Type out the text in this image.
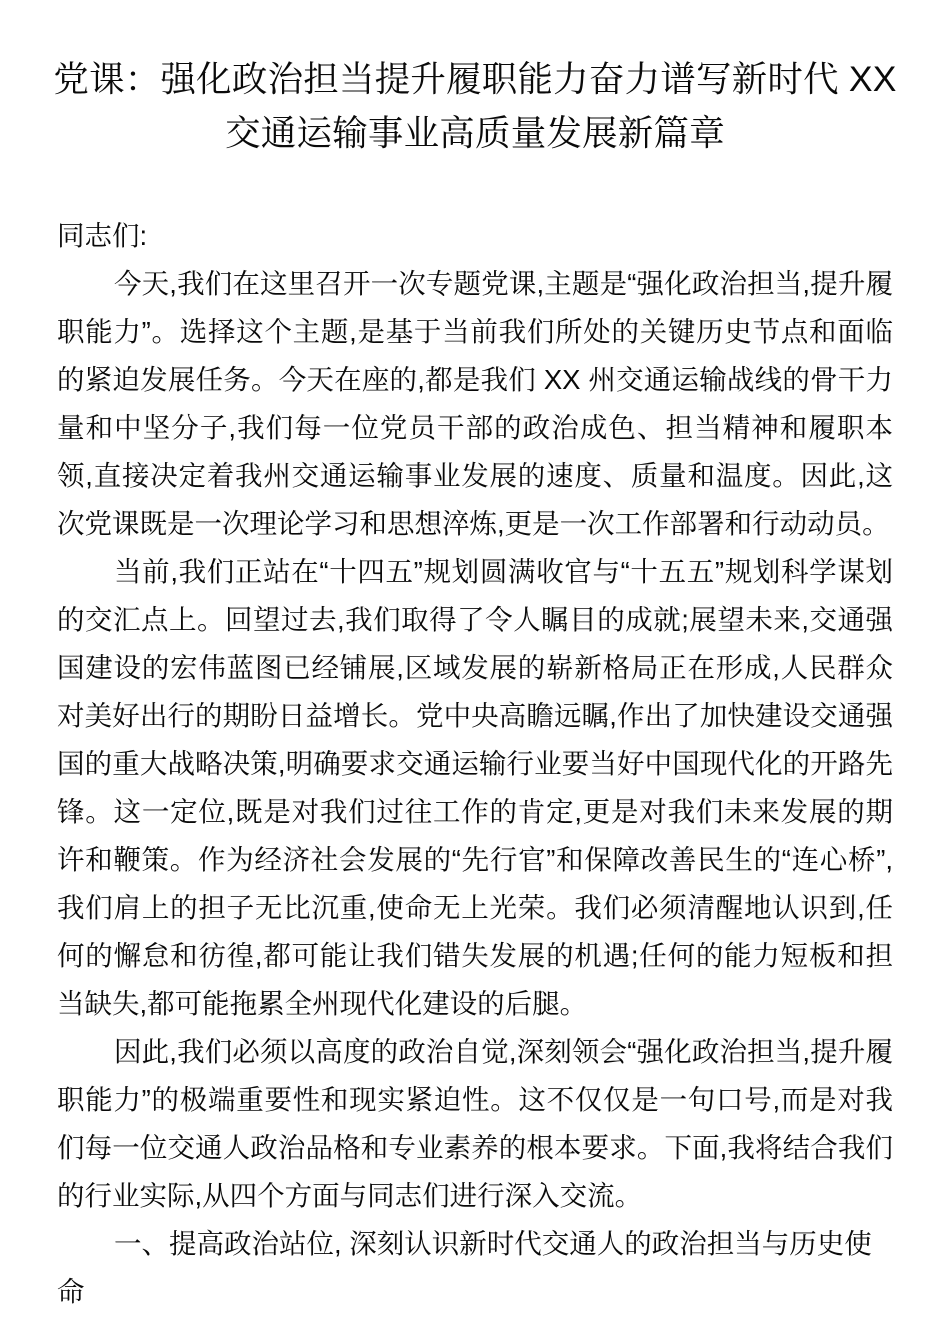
党课：强化政治担当提升履职能力奋力谱写新时代 XX 交通运输事业高质量发展新篇章

同志们:

今天,我们在这里召开一次专题党课,主题是“强化政治担当,提升履职能力”。选择这个主题,是基于当前我们所处的关键历史节点和面临的紧迫发展任务。今天在座的,都是我们 XX 州交通运输战线的骨干力量和中坚分子,我们每一位党员干部的政治成色、担当精神和履职本领,直接决定着我州交通运输事业发展的速度、质量和温度。因此,这次党课既是一次理论学习和思想淬炼,更是一次工作部署和行动动员。

当前,我们正站在“十四五”规划圆满收官与“十五五”规划科学谋划的交汇点上。回望过去,我们取得了令人瞩目的成就;展望未来,交通强国建设的宏伟蓝图已经铺展,区域发展的崭新格局正在形成,人民群众对美好出行的期盼日益增长。党中央高瞻远瞩,作出了加快建设交通强国的重大战略决策,明确要求交通运输行业要当好中国现代化的开路先锋。这一定位,既是对我们过往工作的肯定,更是对我们未来发展的期许和鞭策。作为经济社会发展的“先行官”和保障改善民生的“连心桥”,我们肩上的担子无比沉重,使命无上光荣。我们必须清醒地认识到,任何的懈怠和彷徨,都可能让我们错失发展的机遇;任何的能力短板和担当缺失,都可能拖累全州现代化建设的后腿。

因此,我们必须以高度的政治自觉,深刻领会“强化政治担当,提升履职能力”的极端重要性和现实紧迫性。这不仅仅是一句口号,而是对我们每一位交通人政治品格和专业素养的根本要求。下面,我将结合我们的行业实际,从四个方面与同志们进行深入交流。

一、提高政治站位, 深刻认识新时代交通人的政治担当与历史使命
